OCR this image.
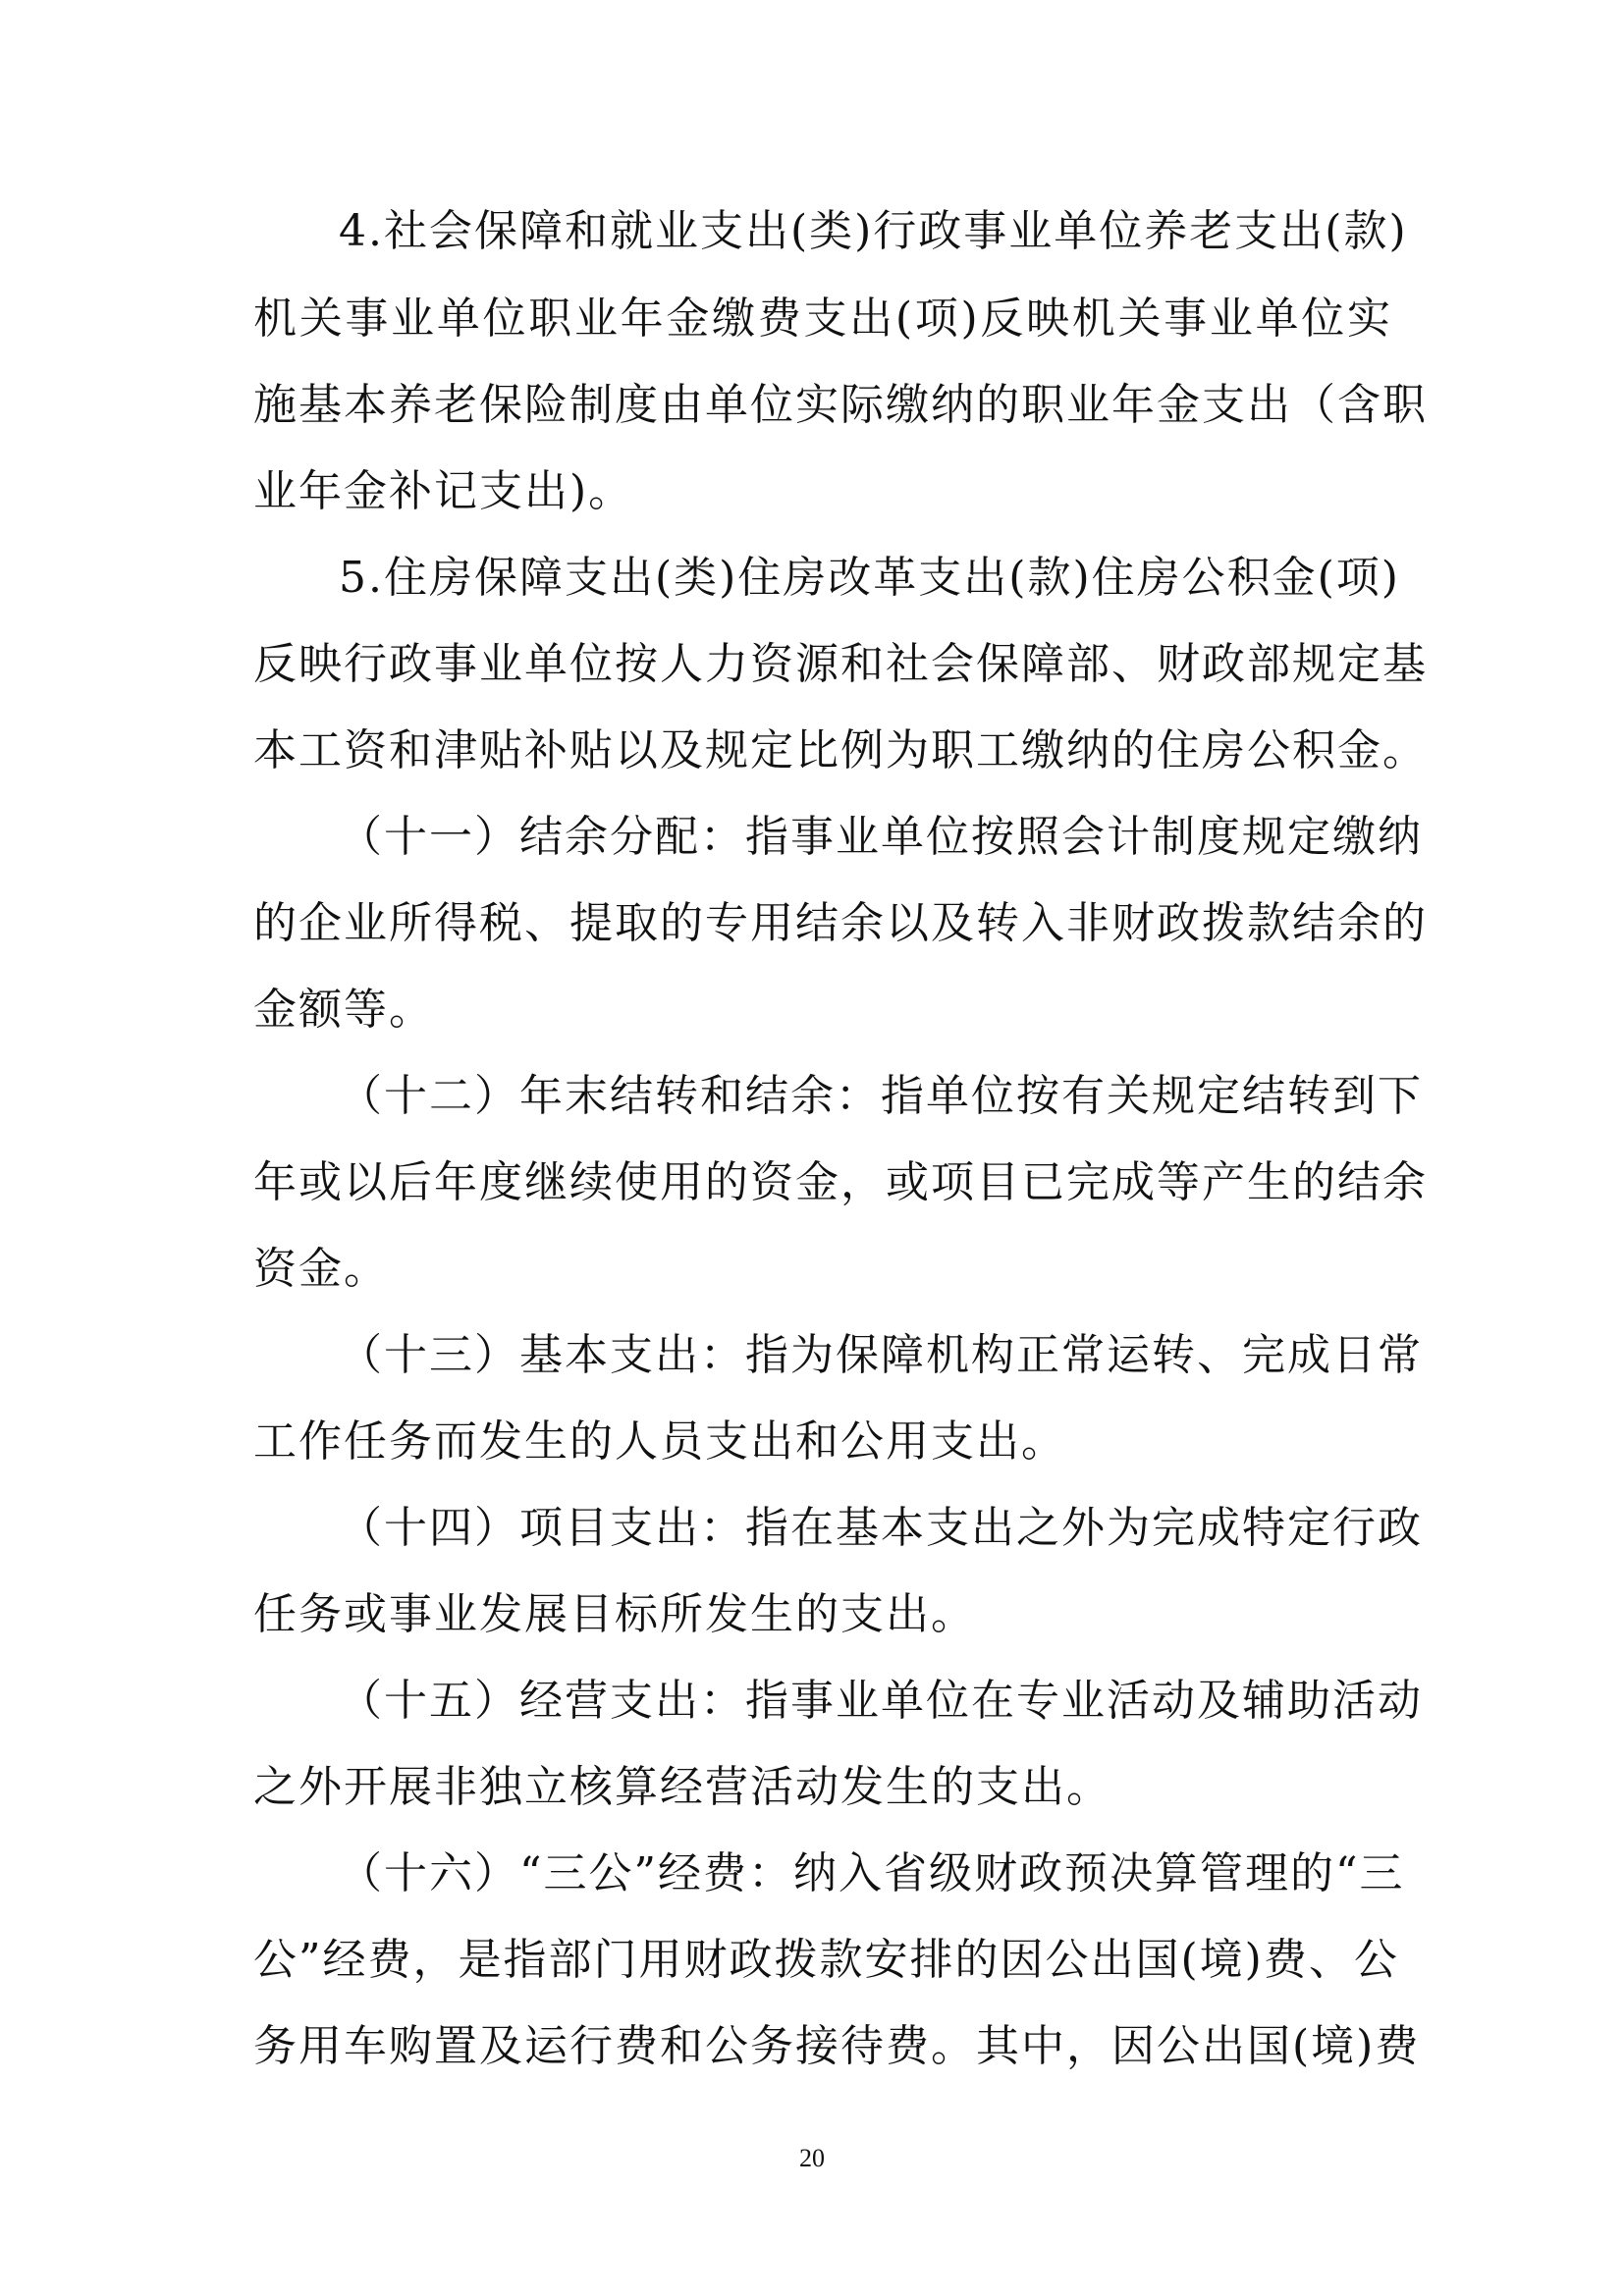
4.社会保障和就业支出(类)行政事业单位养老支出(款)
机关事业单位职业年金缴费支出(项)反映机关事业单位实
施基本养老保险制度由单位实际缴纳的职业年金支出（含职
业年金补记支出)。
5.住房保障支出(类)住房改革支出(款)住房公积金(项)
反映行政事业单位按人力资源和社会保障部、财政部规定基
本工资和津贴补贴以及规定比例为职工缴纳的住房公积金。
（十一）结余分配：指事业单位按照会计制度规定缴纳
的企业所得税、提取的专用结余以及转入非财政拨款结余的
金额等。
（十二）年末结转和结余：指单位按有关规定结转到下
年或以后年度继续使用的资金，或项目已完成等产生的结余
资金。
（十三）基本支出：指为保障机构正常运转、完成日常
工作任务而发生的人员支出和公用支出。
（十四）项目支出：指在基本支出之外为完成特定行政
任务或事业发展目标所发生的支出。
（十五）经营支出：指事业单位在专业活动及辅助活动
之外开展非独立核算经营活动发生的支出。
（十六）“三公”经费：纳入省级财政预决算管理的“三
公”经费，是指部门用财政拨款安排的因公出国(境)费、公
务用车购置及运行费和公务接待费。其中，因公出国(境)费
20
